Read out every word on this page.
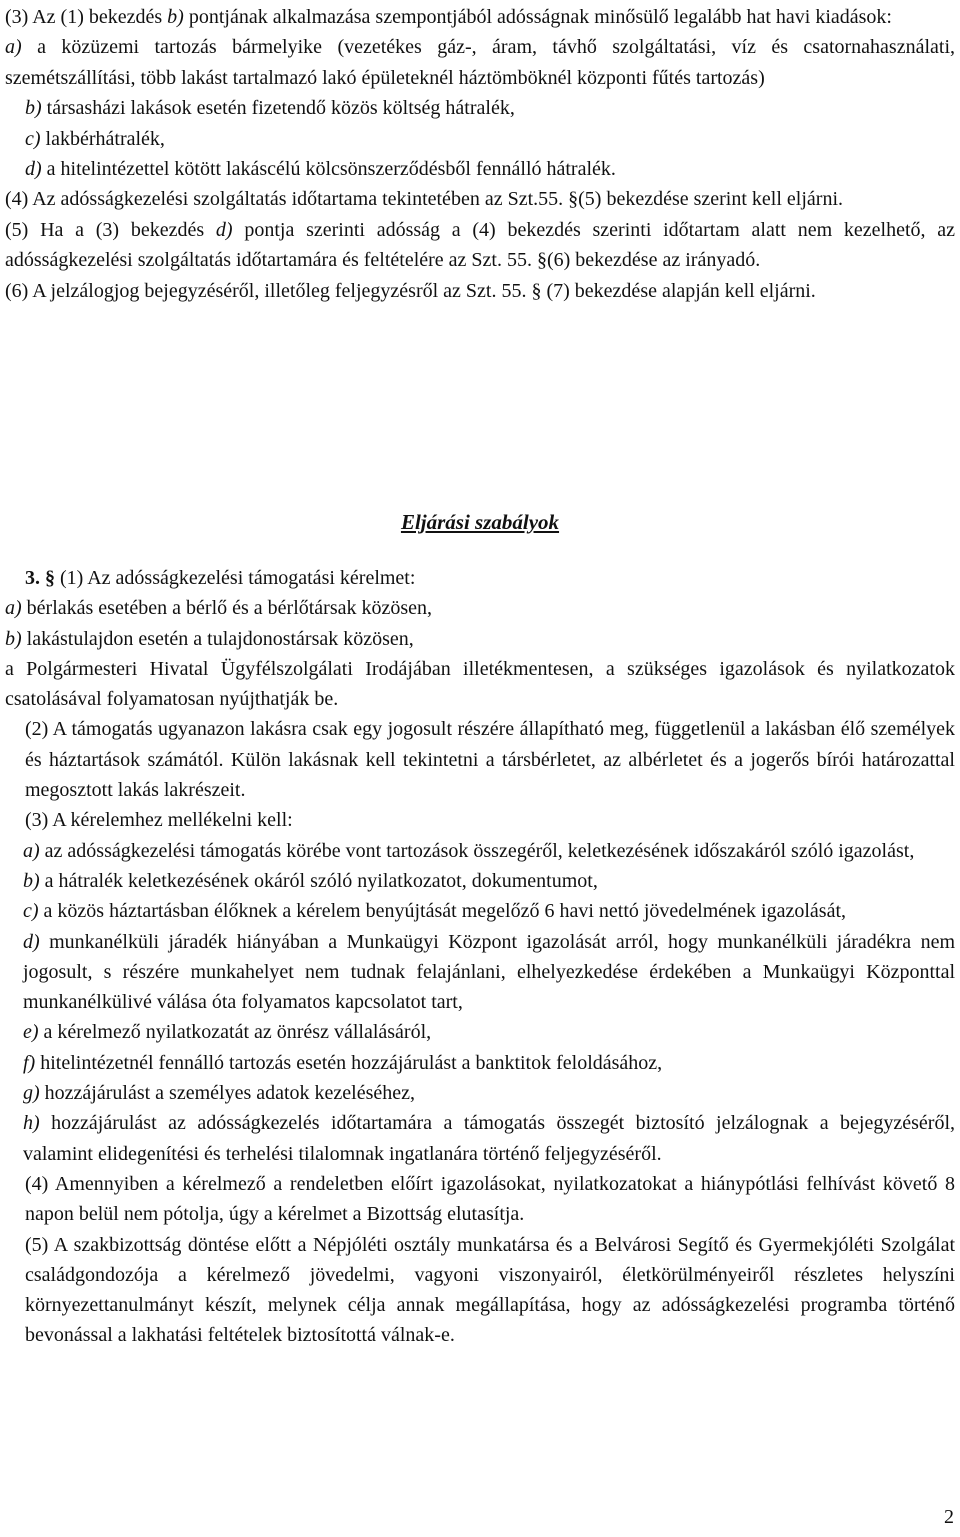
(3) Az (1) bekezdés b) pontjának alkalmazása szempontjából adósságnak minősülő legalább hat havi kiadások:

a) a közüzemi tartozás bármelyike (vezetékes gáz-, áram, távhő szolgáltatási, víz és csatornahasználati, szemétszállítási, több lakást tartalmazó lakó épületeknél háztömböknél központi fűtés tartozás)

b) társasházi lakások esetén fizetendő közös költség hátralék,

c) lakbérhátralék,

d) a hitelintézettel kötött lakáscélú kölcsönszerződésből fennálló hátralék.

(4) Az adósságkezelési szolgáltatás időtartama tekintetében az Szt.55. §(5) bekezdése szerint kell eljárni.

(5) Ha a (3) bekezdés d) pontja szerinti adósság a (4) bekezdés szerinti időtartam alatt nem kezelhető, az adósságkezelési szolgáltatás időtartamára és feltételére az Szt. 55. §(6) bekezdése az irányadó.

(6) A jelzálogjog bejegyzéséről, illetőleg feljegyzésről az Szt. 55. § (7) bekezdése alapján kell eljárni.

Eljárási szabályok

3. § (1) Az adósságkezelési támogatási kérelmet:

a) bérlakás esetében a bérlő és a bérlőtársak közösen,

b) lakástulajdon esetén a tulajdonostársak közösen,

a Polgármesteri Hivatal Ügyfélszolgálati Irodájában illetékmentesen, a szükséges igazolások és nyilatkozatok csatolásával folyamatosan nyújthatják be.

(2) A támogatás ugyanazon lakásra csak egy jogosult részére állapítható meg, függetlenül a lakásban élő személyek és háztartások számától. Külön lakásnak kell tekintetni a társbérletet, az albérletet és a jogerős bírói határozattal megosztott lakás lakrészeit.

(3) A kérelemhez mellékelni kell:

a) az adósságkezelési támogatás körébe vont tartozások összegéről, keletkezésének időszakáról szóló igazolást,

b) a hátralék keletkezésének okáról szóló nyilatkozatot, dokumentumot,

c) a közös háztartásban élőknek a kérelem benyújtását megelőző 6 havi nettó jövedelmének igazolását,

d) munkanélküli járadék hiányában a Munkaügyi Központ igazolását arról, hogy munkanélküli járadékra nem jogosult, s részére munkahelyet nem tudnak felajánlani, elhelyezkedése érdekében a Munkaügyi Központtal munkanélkülivé válása óta folyamatos kapcsolatot tart,

e) a kérelmező nyilatkozatát az önrész vállalásáról,

f) hitelintézetnél fennálló tartozás esetén hozzájárulást a banktitok feloldásához,

g) hozzájárulást a személyes adatok kezeléséhez,

h) hozzájárulást az adósságkezelés időtartamára a támogatás összegét biztosító jelzálognak a bejegyzéséről, valamint elidegenítési és terhelési tilalomnak ingatlanára történő feljegyzéséről.

(4) Amennyiben a kérelmező a rendeletben előírt igazolásokat, nyilatkozatokat a hiánypótlási felhívást követő 8 napon belül nem pótolja, úgy a kérelmet a Bizottság elutasítja.

(5) A szakbizottság döntése előtt a Népjóléti osztály munkatársa és a Belvárosi Segítő és Gyermekjóléti Szolgálat családgondozója a kérelmező jövedelmi, vagyoni viszonyairól, életkörülményeiről részletes helyszíni környezettanulmányt készít, melynek célja annak megállapítása, hogy az adósságkezelési programba történő bevonással a lakhatási feltételek biztosítottá válnak-e.

2
